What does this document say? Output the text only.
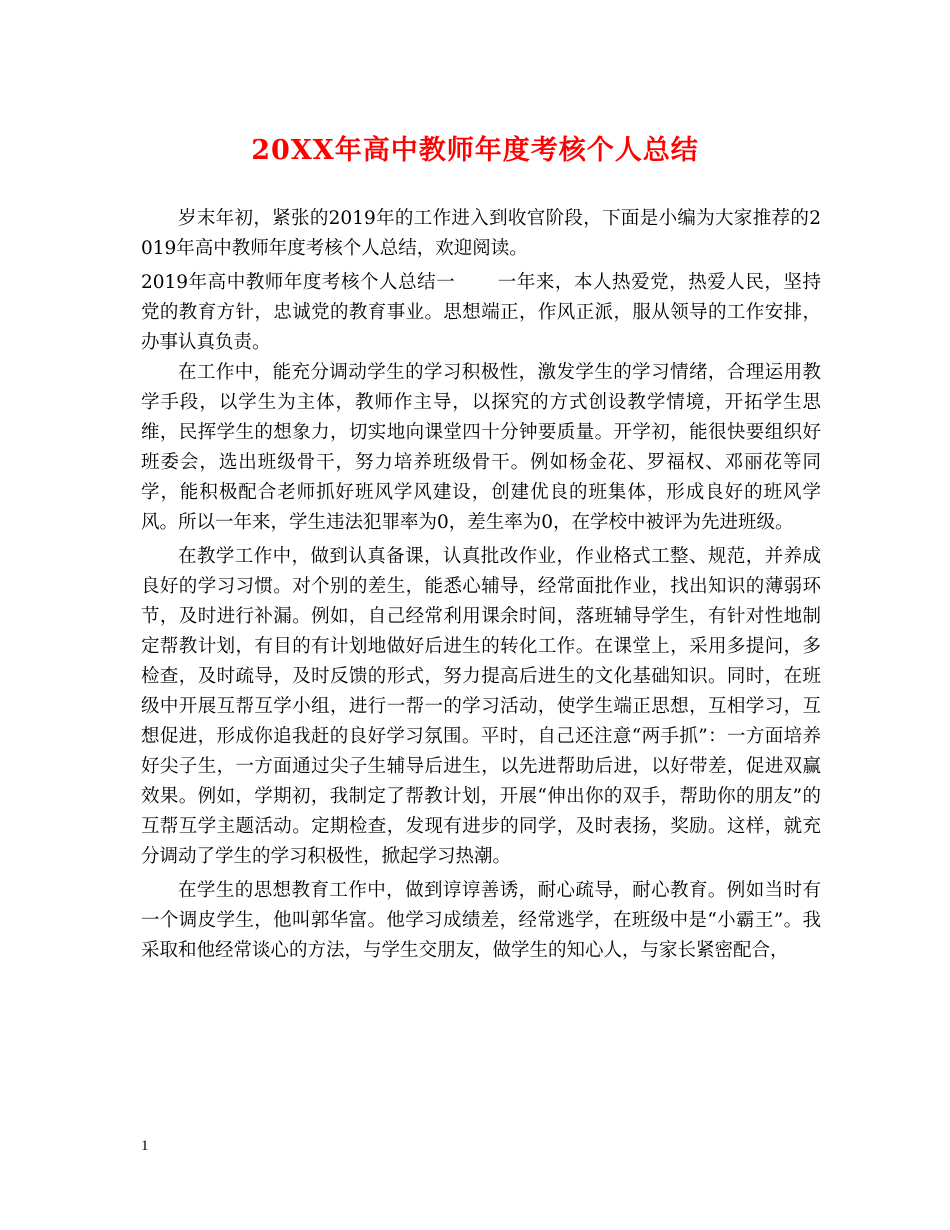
20XX年高中教师年度考核个人总结

岁末年初，紧张的2019年的工作进入到收官阶段，下面是小编为大家推荐的2019年高中教师年度考核个人总结，欢迎阅读。

2019年高中教师年度考核个人总结一 一年来，本人热爱党，热爱人民，坚持党的教育方针，忠诚党的教育事业。思想端正，作风正派，服从领导的工作安排，办事认真负责。

在工作中，能充分调动学生的学习积极性，激发学生的学习情绪，合理运用教学手段，以学生为主体，教师作主导，以探究的方式创设教学情境，开拓学生思维，民挥学生的想象力，切实地向课堂四十分钟要质量。开学初，能很快要组织好班委会，选出班级骨干，努力培养班级骨干。例如杨金花、罗福权、邓丽花等同学，能积极配合老师抓好班风学风建设，创建优良的班集体，形成良好的班风学风。所以一年来，学生违法犯罪率为0，差生率为0，在学校中被评为先进班级。

在教学工作中，做到认真备课，认真批改作业，作业格式工整、规范，并养成良好的学习习惯。对个别的差生，能悉心辅导，经常面批作业，找出知识的薄弱环节，及时进行补漏。例如，自己经常利用课余时间，落班辅导学生，有针对性地制定帮教计划，有目的有计划地做好后进生的转化工作。在课堂上，采用多提问，多检查，及时疏导，及时反馈的形式，努力提高后进生的文化基础知识。同时，在班级中开展互帮互学小组，进行一帮一的学习活动，使学生端正思想，互相学习，互想促进，形成你追我赶的良好学习氛围。平时，自己还注意“两手抓”：一方面培养好尖子生，一方面通过尖子生辅导后进生，以先进帮助后进，以好带差，促进双赢效果。例如，学期初，我制定了帮教计划，开展“伸出你的双手，帮助你的朋友”的互帮互学主题活动。定期检查，发现有进步的同学，及时表扬，奖励。这样，就充分调动了学生的学习积极性，掀起学习热潮。

在学生的思想教育工作中，做到谆谆善诱，耐心疏导，耐心教育。例如当时有一个调皮学生，他叫郭华富。他学习成绩差，经常逃学，在班级中是“小霸王”。我采取和他经常谈心的方法，与学生交朋友，做学生的知心人，与家长紧密配合，

1
